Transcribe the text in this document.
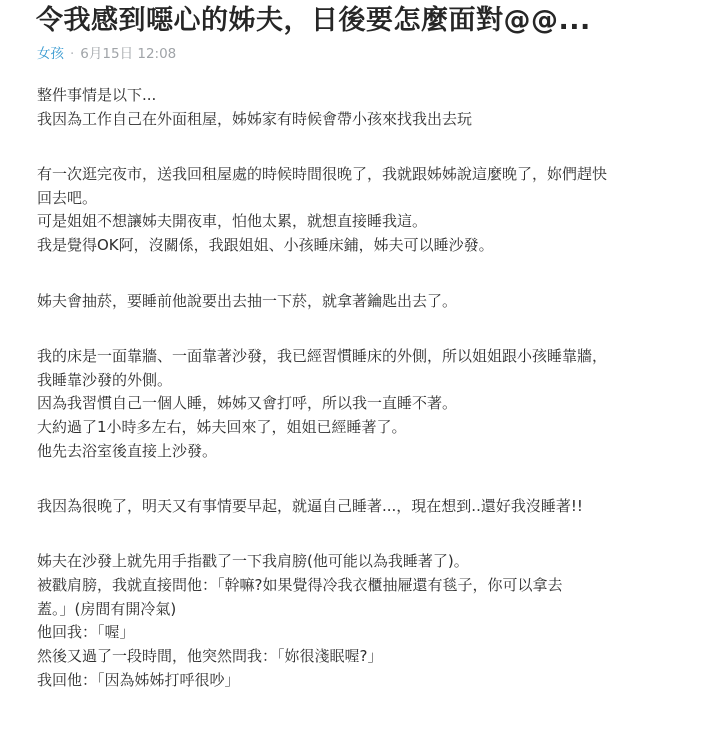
令我感到噁心的姊夫，日後要怎麼面對@@...
女孩 · 6月15日 12:08
整件事情是以下...
我因為工作自己在外面租屋，姊姊家有時候會帶小孩來找我出去玩
有一次逛完夜市，送我回租屋處的時候時間很晚了，我就跟姊姊說這麼晚了，妳們趕快
回去吧。
可是姐姐不想讓姊夫開夜車，怕他太累，就想直接睡我這。
我是覺得OK阿，沒關係，我跟姐姐、小孩睡床鋪，姊夫可以睡沙發。
姊夫會抽菸，要睡前他說要出去抽一下菸，就拿著鑰匙出去了。
我的床是一面靠牆、一面靠著沙發，我已經習慣睡床的外側，所以姐姐跟小孩睡靠牆，
我睡靠沙發的外側。
因為我習慣自己一個人睡，姊姊又會打呼，所以我一直睡不著。
大約過了1小時多左右，姊夫回來了，姐姐已經睡著了。
他先去浴室後直接上沙發。
我因為很晚了，明天又有事情要早起，就逼自己睡著...，現在想到..還好我沒睡著!!
姊夫在沙發上就先用手指戳了一下我肩膀(他可能以為我睡著了)。
被戳肩膀，我就直接問他：「幹嘛?如果覺得冷我衣櫃抽屜還有毯子，你可以拿去
蓋。」(房間有開冷氣)
他回我：「喔」
然後又過了一段時間，他突然問我：「妳很淺眠喔?」
我回他：「因為姊姊打呼很吵」
